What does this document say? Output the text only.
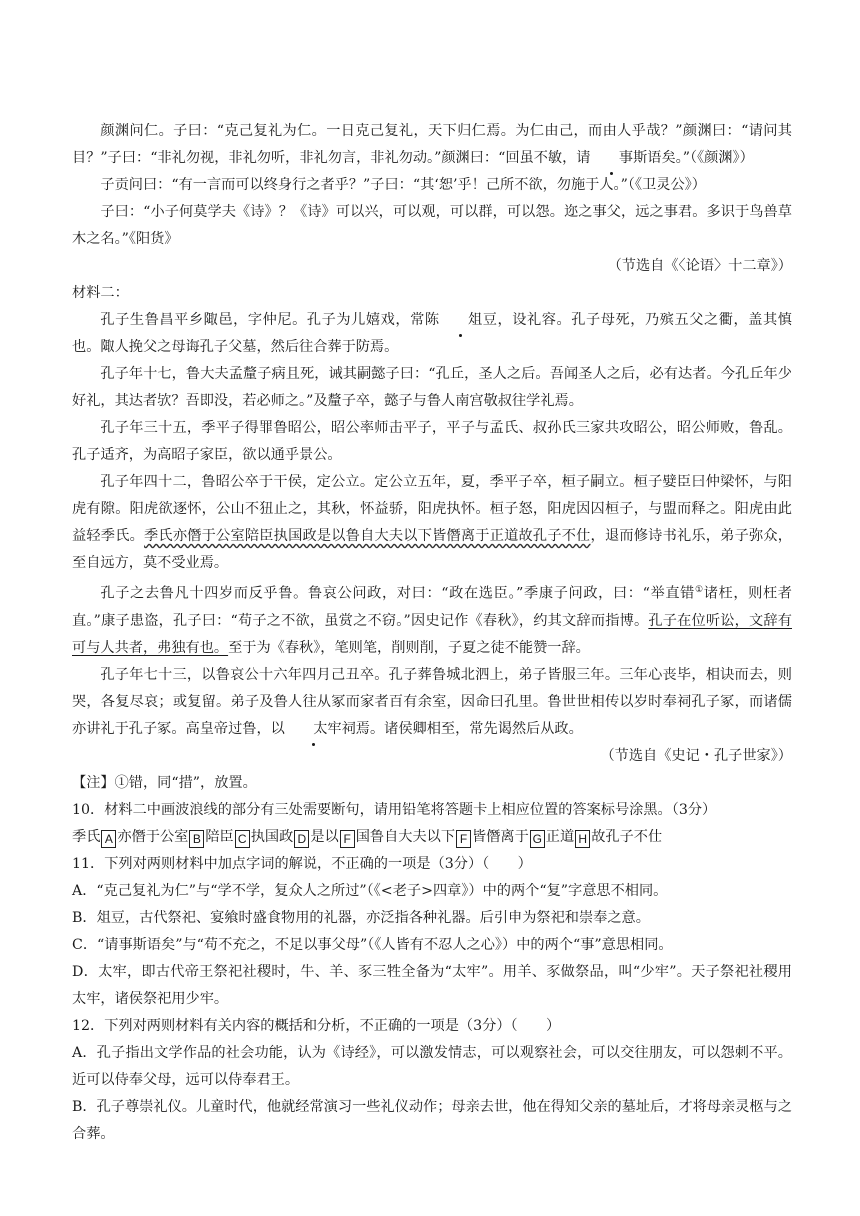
颜渊问仁。子曰：“克己复礼为仁。一日克己复礼，天下归仁焉。为仁由己，而由人乎哉？”颜渊曰：“请问其目？”子曰：“非礼勿视，非礼勿听，非礼勿言，非礼勿动。”颜渊曰：“回虽不敏，请 事斯语矣。”（《颜渊》）

子贡问曰：“有一言而可以终身行之者乎？”子曰：“其‘恕’乎！己所不欲，勿施于人。”（《卫灵公》）

子曰：“小子何莫学夫《诗》？《诗》可以兴，可以观，可以群，可以怨。迩之事父，远之事君。多识于鸟兽草木之名。”《阳货》

（节选自《〈论语〉十二章》）

材料二：

孔子生鲁昌平乡陬邑，字仲尼。孔子为儿嬉戏，常陈 俎豆，设礼容。孔子母死，乃殡五父之衢，盖其慎也。陬人挽父之母诲孔子父墓，然后往合葬于防焉。

孔子年十七，鲁大夫孟釐子病且死，诫其嗣懿子曰：“孔丘，圣人之后。吾闻圣人之后，必有达者。今孔丘年少好礼，其达者欤？吾即没，若必师之。”及釐子卒，懿子与鲁人南宫敬叔往学礼焉。

孔子年三十五，季平子得罪鲁昭公，昭公率师击平子，平子与孟氏、叔孙氏三家共攻昭公，昭公师败，鲁乱。孔子适齐，为高昭子家臣，欲以通乎景公。

孔子年四十二，鲁昭公卒于干侯，定公立。定公立五年，夏，季平子卒，桓子嗣立。桓子嬖臣曰仲梁怀，与阳虎有隙。阳虎欲逐怀，公山不狃止之，其秋，怀益骄，阳虎执怀。桓子怒，阳虎因囚桓子，与盟而释之。阳虎由此益轻季氏。季氏亦僭于公室陪臣执国政是以鲁自大夫以下皆僭离于正道故孔子不仕，退而修诗书礼乐，弟子弥众，至自远方，莫不受业焉。

孔子之去鲁凡十四岁而反乎鲁。鲁哀公问政，对曰：“政在选臣。”季康子问政，曰：“举直错①诸枉，则枉者直。”康子患盗，孔子曰：“苟子之不欲，虽赏之不窃。”因史记作《春秋》，约其文辞而指博。孔子在位听讼，文辞有可与人共者，弗独有也。至于为《春秋》，笔则笔，削则削，子夏之徒不能赞一辞。

孔子年七十三，以鲁哀公十六年四月己丑卒。孔子葬鲁城北泗上，弟子皆服三年。三年心丧毕，相诀而去，则哭，各复尽哀；或复留。弟子及鲁人往从冢而家者百有余室，因命曰孔里。鲁世世相传以岁时奉祠孔子冢，而诸儒亦讲礼于孔子冢。高皇帝过鲁，以 太牢祠焉。诸侯卿相至，常先谒然后从政。

（节选自《史记・孔子世家》）

【注】①错，同“措”，放置。

10．材料二中画波浪线的部分有三处需要断句，请用铅笔将答题卡上相应位置的答案标号涂黑。（3分）

季氏 A 亦僭于公室 B 陪臣 C 执国政 D 是以 F 国鲁自大夫以下 F 皆僭离于 G 正道 H 故孔子不仕

11．下列对两则材料中加点字词的解说，不正确的一项是（3分）（　　）

A．“克己复礼为仁”与“学不学，复众人之所过”（《<老子>四章》）中的两个“复”字意思不相同。

B．俎豆，古代祭祀、宴飨时盛食物用的礼器，亦泛指各种礼器。后引申为祭祀和崇奉之意。

C．“请事斯语矣”与“苟不充之，不足以事父母”（《人皆有不忍人之心》）中的两个“事”意思相同。

D．太牢，即古代帝王祭祀社稷时，牛、羊、豕三牲全备为“太牢”。用羊、豕做祭品，叫“少牢”。天子祭祀社稷用太牢，诸侯祭祀用少牢。

12．下列对两则材料有关内容的概括和分析，不正确的一项是（3分）（　　）

A．孔子指出文学作品的社会功能，认为《诗经》，可以激发情志，可以观察社会，可以交往朋友，可以怨刺不平。近可以侍奉父母，远可以侍奉君王。

B．孔子尊崇礼仪。儿童时代，他就经常演习一些礼仪动作；母亲去世，他在得知父亲的墓址后，才将母亲灵柩与之合葬。
